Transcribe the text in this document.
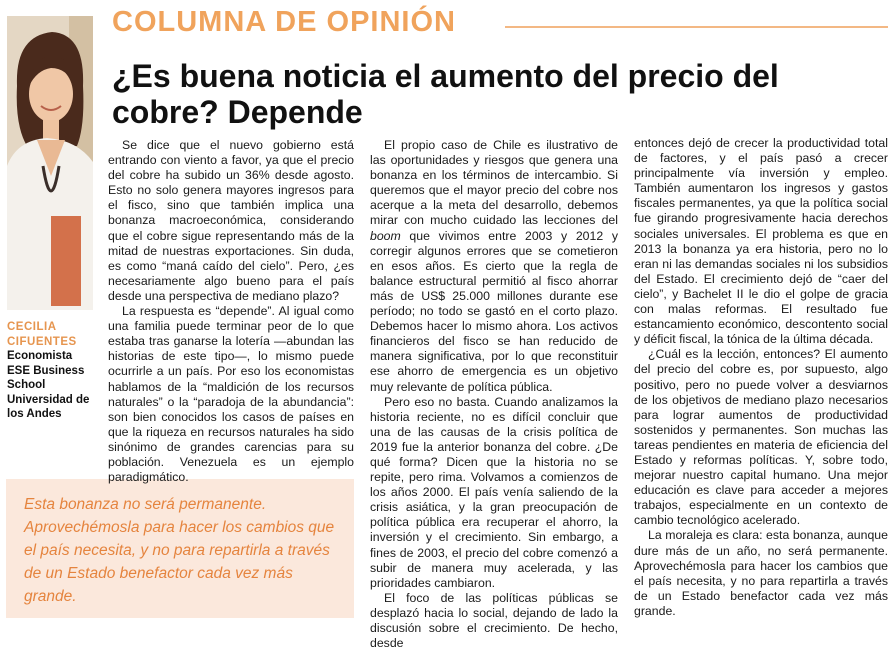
COLUMNA DE OPINIÓN
¿Es buena noticia el aumento del precio del cobre? Depende
CECILIA
CIFUENTES
Economista
ESE Business
School
Universidad de
los Andes
Esta bonanza no será permanente. Aprovechémosla para hacer los cambios que el país necesita, y no para repartirla a través de un Estado benefactor cada vez más grande.

Se dice que el nuevo gobierno está entrando con viento a favor, ya que el precio del cobre ha subido un 36% desde agosto. Esto no solo genera mayores ingresos para el fisco, sino que también implica una bonanza macroeconómica, considerando que el cobre sigue representando más de la mitad de nuestras exportaciones. Sin duda, es como “maná caído del cielo”. Pero, ¿es necesariamente algo bueno para el país desde una perspectiva de mediano plazo?

La respuesta es “depende”. Al igual como una familia puede terminar peor de lo que estaba tras ganarse la lotería —abundan las historias de este tipo—, lo mismo puede ocurrirle a un país. Por eso los economistas hablamos de la “maldición de los recursos naturales” o la “paradoja de la abundancia”: son bien conocidos los casos de países en que la riqueza en recursos naturales ha sido sinónimo de grandes carencias para su población. Venezuela es un ejemplo paradigmático.

El propio caso de Chile es ilustrativo de las oportunidades y riesgos que genera una bonanza en los términos de intercambio. Si queremos que el mayor precio del cobre nos acerque a la meta del desarrollo, debemos mirar con mucho cuidado las lecciones del boom que vivimos entre 2003 y 2012 y corregir algunos errores que se cometieron en esos años. Es cierto que la regla de balance estructural permitió al fisco ahorrar más de US$ 25.000 millones durante ese período; no todo se gastó en el corto plazo. Debemos hacer lo mismo ahora. Los activos financieros del fisco se han reducido de manera significativa, por lo que reconstituir ese ahorro de emergencia es un objetivo muy relevante de política pública.

Pero eso no basta. Cuando analizamos la historia reciente, no es difícil concluir que una de las causas de la crisis política de 2019 fue la anterior bonanza del cobre. ¿De qué forma? Dicen que la historia no se repite, pero rima. Volvamos a comienzos de los años 2000. El país venía saliendo de la crisis asiática, y la gran preocupación de política pública era recuperar el ahorro, la inversión y el crecimiento. Sin embargo, a fines de 2003, el precio del cobre comenzó a subir de manera muy acelerada, y las prioridades cambiaron.

El foco de las políticas públicas se desplazó hacia lo social, dejando de lado la discusión sobre el crecimiento. De hecho, desde

entonces dejó de crecer la productividad total de factores, y el país pasó a crecer principalmente vía inversión y empleo. También aumentaron los ingresos y gastos fiscales permanentes, ya que la política social fue girando progresivamente hacia derechos sociales universales. El problema es que en 2013 la bonanza ya era historia, pero no lo eran ni las demandas sociales ni los subsidios del Estado. El crecimiento dejó de “caer del cielo”, y Bachelet II le dio el golpe de gracia con malas reformas. El resultado fue estancamiento económico, descontento social y déficit fiscal, la tónica de la última década.

¿Cuál es la lección, entonces? El aumento del precio del cobre es, por supuesto, algo positivo, pero no puede volver a desviarnos de los objetivos de mediano plazo necesarios para lograr aumentos de productividad sostenidos y permanentes. Son muchas las tareas pendientes en materia de eficiencia del Estado y reformas políticas. Y, sobre todo, mejorar nuestro capital humano. Una mejor educación es clave para acceder a mejores trabajos, especialmente en un contexto de cambio tecnológico acelerado.

La moraleja es clara: esta bonanza, aunque dure más de un año, no será permanente. Aprovechémosla para hacer los cambios que el país necesita, y no para repartirla a través de un Estado benefactor cada vez más grande.
